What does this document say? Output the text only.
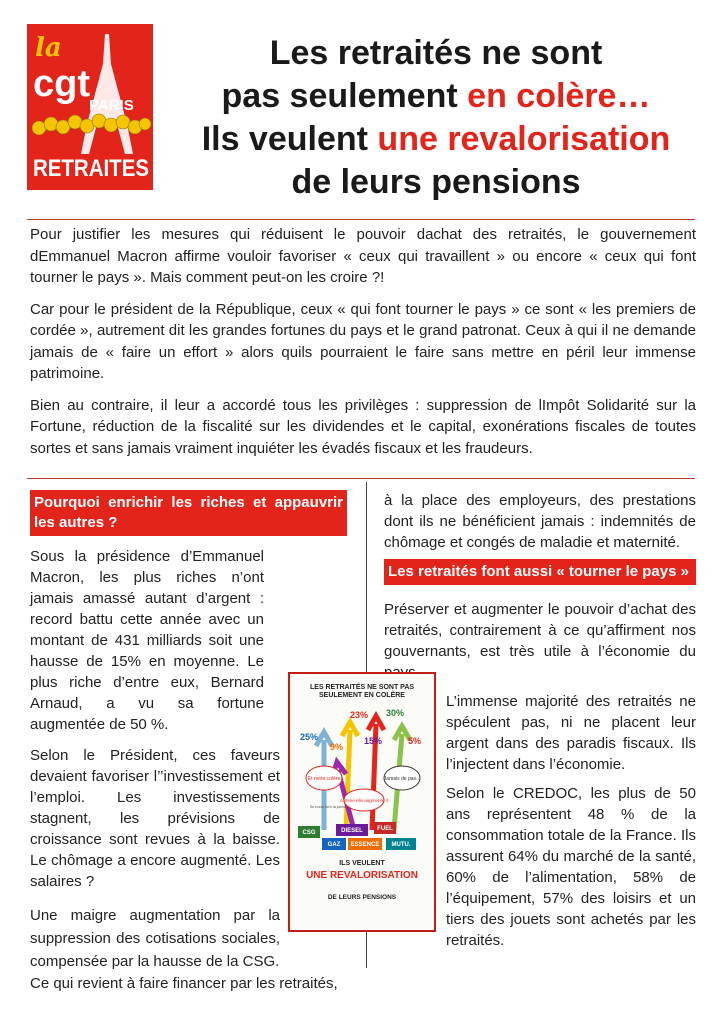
la
cgt
PARIS
RETRAITES
Les retraités ne sont
pas seulement en colère…
Ils veulent une revalorisation
de leurs pensions

Pour justifier les mesures qui réduisent le pouvoir dachat des retraités, le gouvernement dEmmanuel Macron affirme vouloir favoriser « ceux qui travaillent » ou encore « ceux qui font tourner le pays ». Mais comment peut-on les croire ?!

Car pour le président de la République, ceux « qui font tourner le pays » ce sont « les premiers de cordée », autrement dit les grandes fortunes du pays et le grand patronat. Ceux à qui il ne demande jamais de « faire un effort » alors quils pourraient le faire sans mettre en péril leur immense patrimoine.

Bien au contraire, il leur a accordé tous les privilèges : suppression de lImpôt Solidarité sur la Fortune, réduction de la fiscalité sur les dividendes et le capital, exonérations fiscales de toutes sortes et sans jamais vraiment inquiéter les évadés fiscaux et les fraudeurs.

Pourquoi enrichir les riches et appauvrir les autres ?

Sous la présidence d’Emmanuel Macron, les plus riches n’ont jamais amassé autant d’argent : record battu cette année avec un montant de 431 milliards soit une hausse de 15% en moyenne. Le plus riche d’entre eux, Bernard Arnaud, a vu sa fortune augmentée de 50 %.

Selon le Président, ces faveurs devaient favoriser l’’investissement et l’emploi. Les investissements stagnent, les prévisions de croissance sont revues à la baisse. Le chômage a encore augmenté. Les salaires ?

Une maigre augmentation par la suppression des cotisations sociales, compensée par la hausse de la CSG.

Ce qui revient à faire financer par les retraités,

à la place des employeurs, des prestations dont ils ne bénéficient jamais : indemnités de chômage et congés de maladie et maternité.

Les retraités font aussi « tourner le pays »

Préserver et augmenter le pouvoir d’achat des retraités, contrairement à ce qu’affirment nos gouvernants, est très utile à l’économie du

L’immense majorité des retraités ne spéculent pas, ni ne placent leur argent dans des paradis fiscaux. Ils l’injectent dans l’économie.

Selon le CREDOC, les plus de 50 ans représentent 48 % de la consommation totale de la France. Ils assurent 64% du marché de la santé, 60% de l’alimentation, 58% de l’équipement, 57% des loisirs et un tiers des jouets sont achetés par les retraités.

LES RETRAITÉS NE SONT PAS SEULEMENT EN COLÈRE
25%
23% 30%
5%
15%
9%
Et notre colère	Jamais de pas...
comme elle augmente !!
Ils nous font la peau !
CSG
GAZ
DIESEL
ESSENCE
FUEL
MUTU.
ILS VEULENT
UNE REVALORISATION
DE LEURS PENSIONS
